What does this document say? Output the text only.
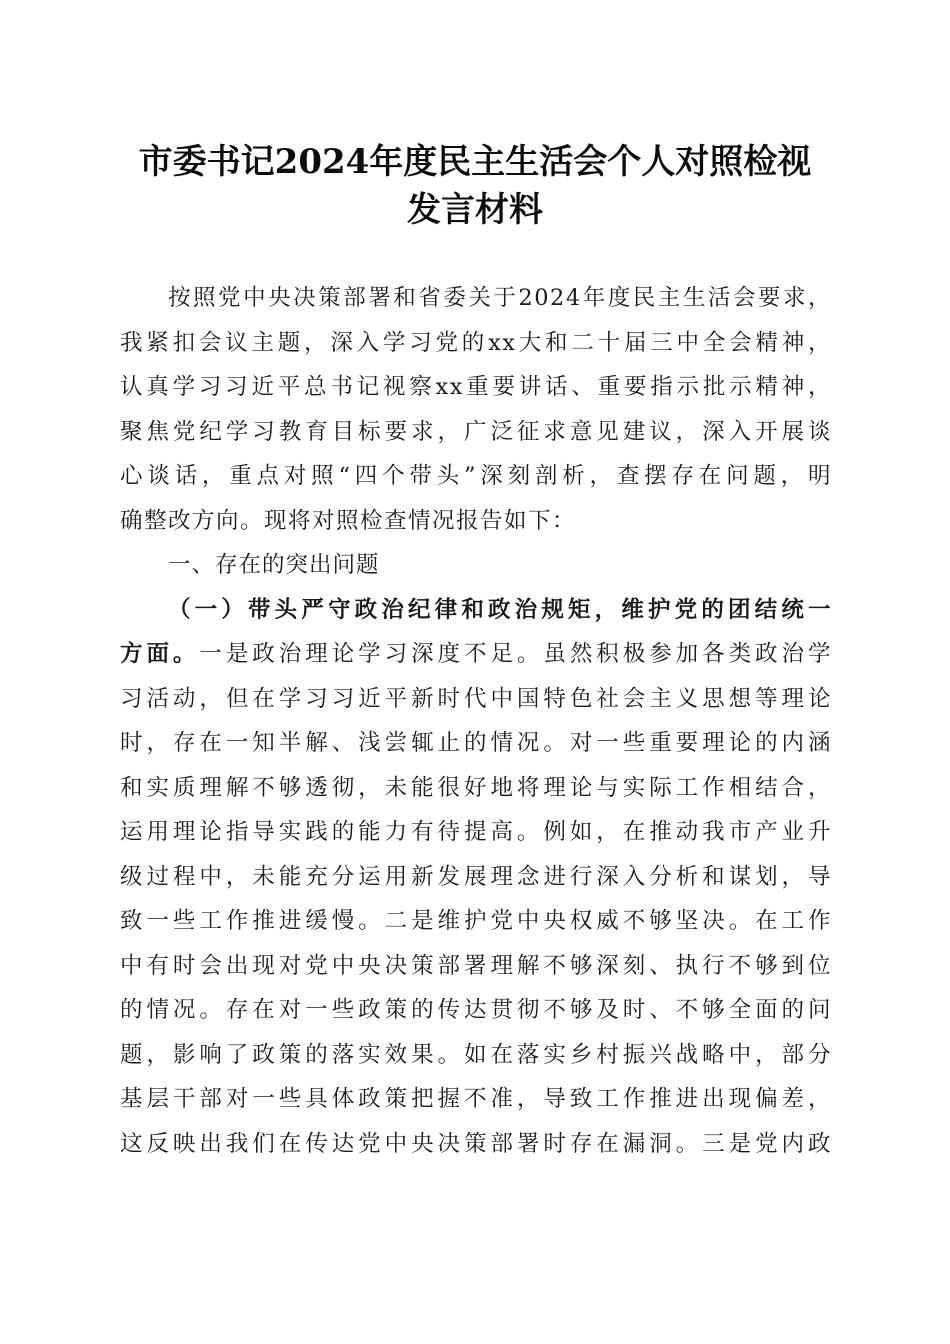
市委书记2024年度民主生活会个人对照检视
发言材料
按照党中央决策部署和省委关于2024年度民主生活会要求，
我紧扣会议主题，深入学习党的xx大和二十届三中全会精神，
认真学习习近平总书记视察xx重要讲话、重要指示批示精神，
聚焦党纪学习教育目标要求，广泛征求意见建议，深入开展谈
心谈话，重点对照“四个带头”深刻剖析，查摆存在问题，明
确整改方向。现将对照检查情况报告如下：
一、存在的突出问题
（一）带头严守政治纪律和政治规矩，维护党的团结统一
方面。一是政治理论学习深度不足。虽然积极参加各类政治学
习活动，但在学习习近平新时代中国特色社会主义思想等理论
时，存在一知半解、浅尝辄止的情况。对一些重要理论的内涵
和实质理解不够透彻，未能很好地将理论与实际工作相结合，
运用理论指导实践的能力有待提高。例如，在推动我市产业升
级过程中，未能充分运用新发展理念进行深入分析和谋划，导
致一些工作推进缓慢。二是维护党中央权威不够坚决。在工作
中有时会出现对党中央决策部署理解不够深刻、执行不够到位
的情况。存在对一些政策的传达贯彻不够及时、不够全面的问
题，影响了政策的落实效果。如在落实乡村振兴战略中，部分
基层干部对一些具体政策把握不准，导致工作推进出现偏差，
这反映出我们在传达党中央决策部署时存在漏洞。三是党内政
